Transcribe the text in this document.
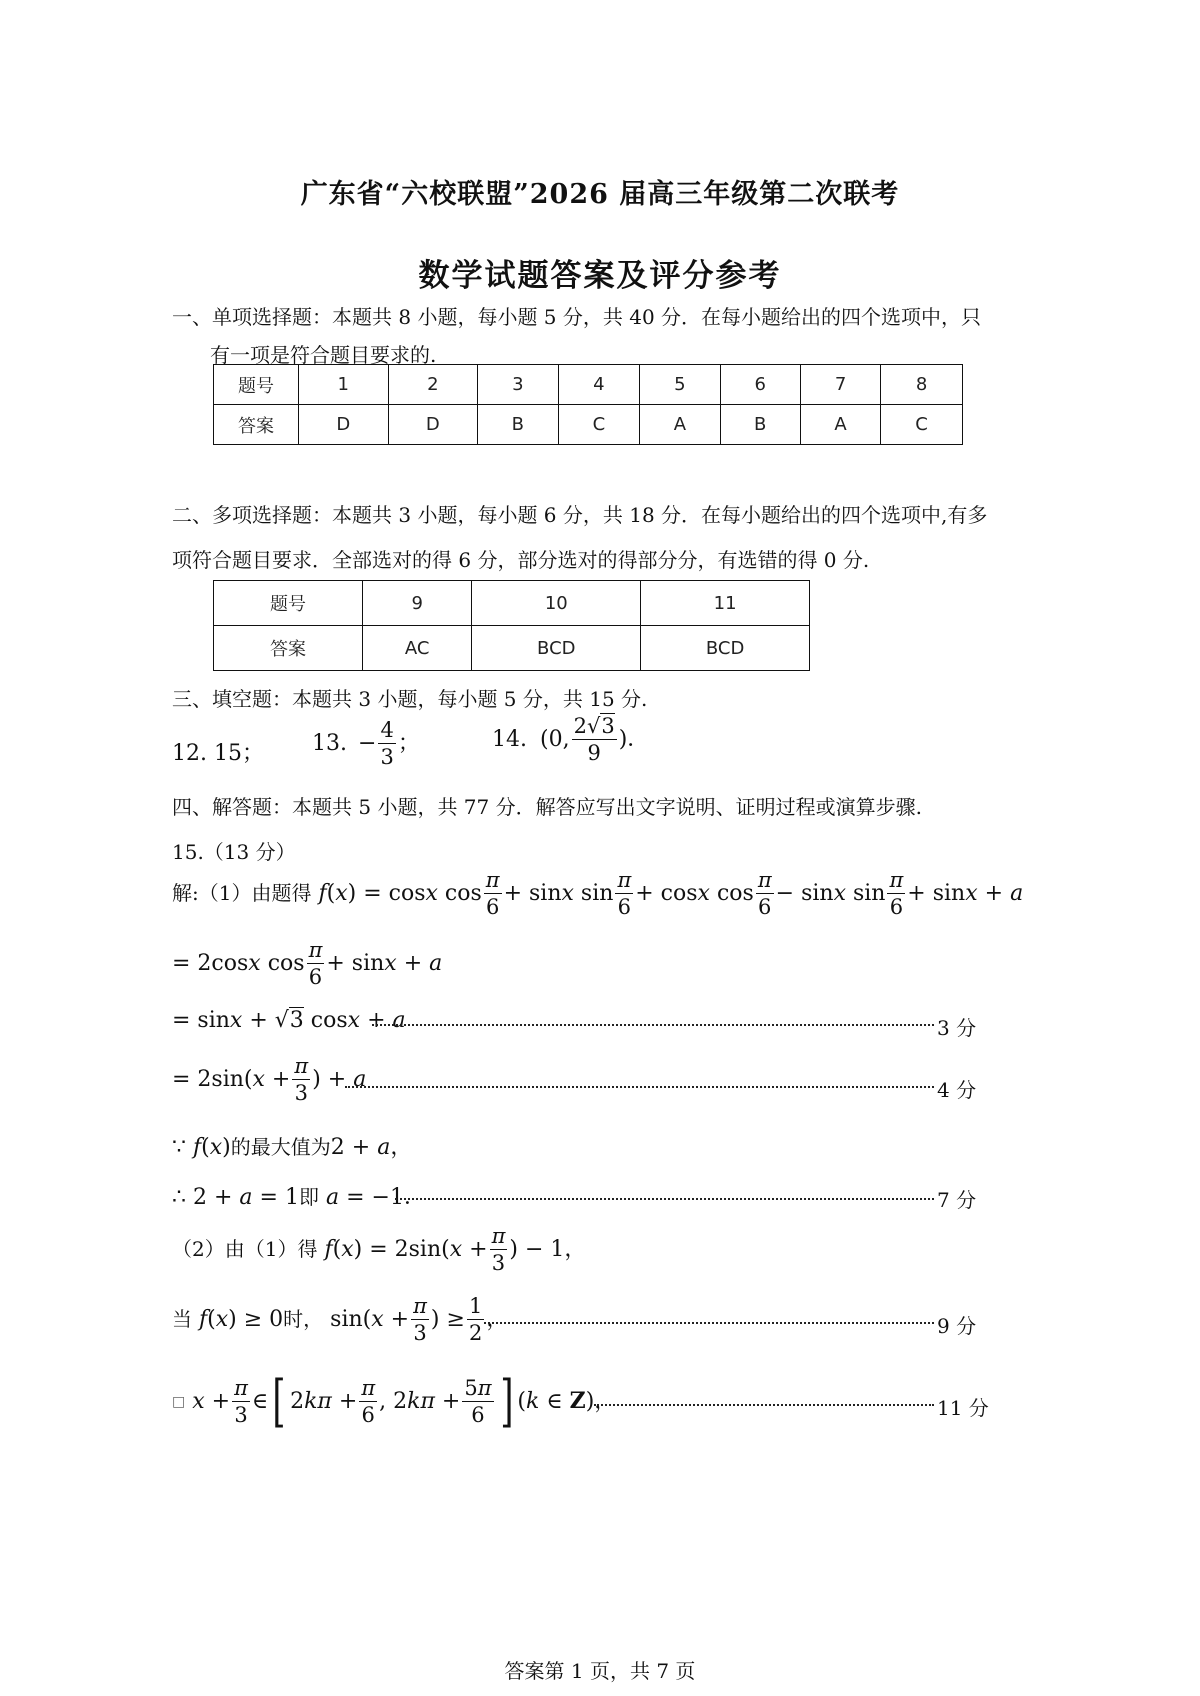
广东省“六校联盟”2026 届高三年级第二次联考
数学试题答案及评分参考
一、单项选择题：本题共 8 小题，每小题 5 分，共 40 分．在每小题给出的四个选项中，只
有一项是符合题目要求的.
题号	1	2	3	4	5	6	7	8
答案	D	D	B	C	A	B	A	C
二、多项选择题：本题共 3 小题，每小题 6 分，共 18 分．在每小题给出的四个选项中,有多
项符合题目要求．全部选对的得 6 分，部分选对的得部分分，有选错的得 0 分.
题号	9	10	11
答案	AC	BCD	BCD
三、填空题：本题共 3 小题，每小题 5 分，共 15 分.
12. 15； 13. − $\frac{4}{3}$ ；	14. (0, $\frac{2√3}{9}$ )．
四、解答题：本题共 5 小题，共 77 分．解答应写出文字说明、证明过程或演算步骤.
15.（13 分）
解:（1）由题得 f(x) = cosx $\cos \frac{\pi}{6} + \sin x$ $\sin \frac{\pi}{6} + \cos x$ $\cos \frac{\pi}{6} - \sin x$ $\sin \frac{\pi}{6} + \sin x + a$
= 2cosx $\cos \frac{\pi}{6} + \sin x + a$
= sinx + √3 cosx + a	3 分
= $2\sin(x + \frac{\pi}{3}$ ) + a	4 分
∵ f(x)的最大值为2 + a，
∴ 2 + a = 1即 a = −1．	7 分
（2）由（1）得 $f(x) = 2\sin(x + \frac{\pi}{3}$ ) − 1，
当 f(x) ≥ 0时， $\sin(x + \frac{\pi}{3}$ ) ≥ $\frac{1}{2}$ ，	9 分
□ $x + \frac{\pi}{3}$ ∈[ $2k\pi + \frac{\pi}{6}$ , $2k\pi + \frac{5\pi}{6}$ ] (k ∈ Z)，	11 分
答案第 1 页，共 7 页
